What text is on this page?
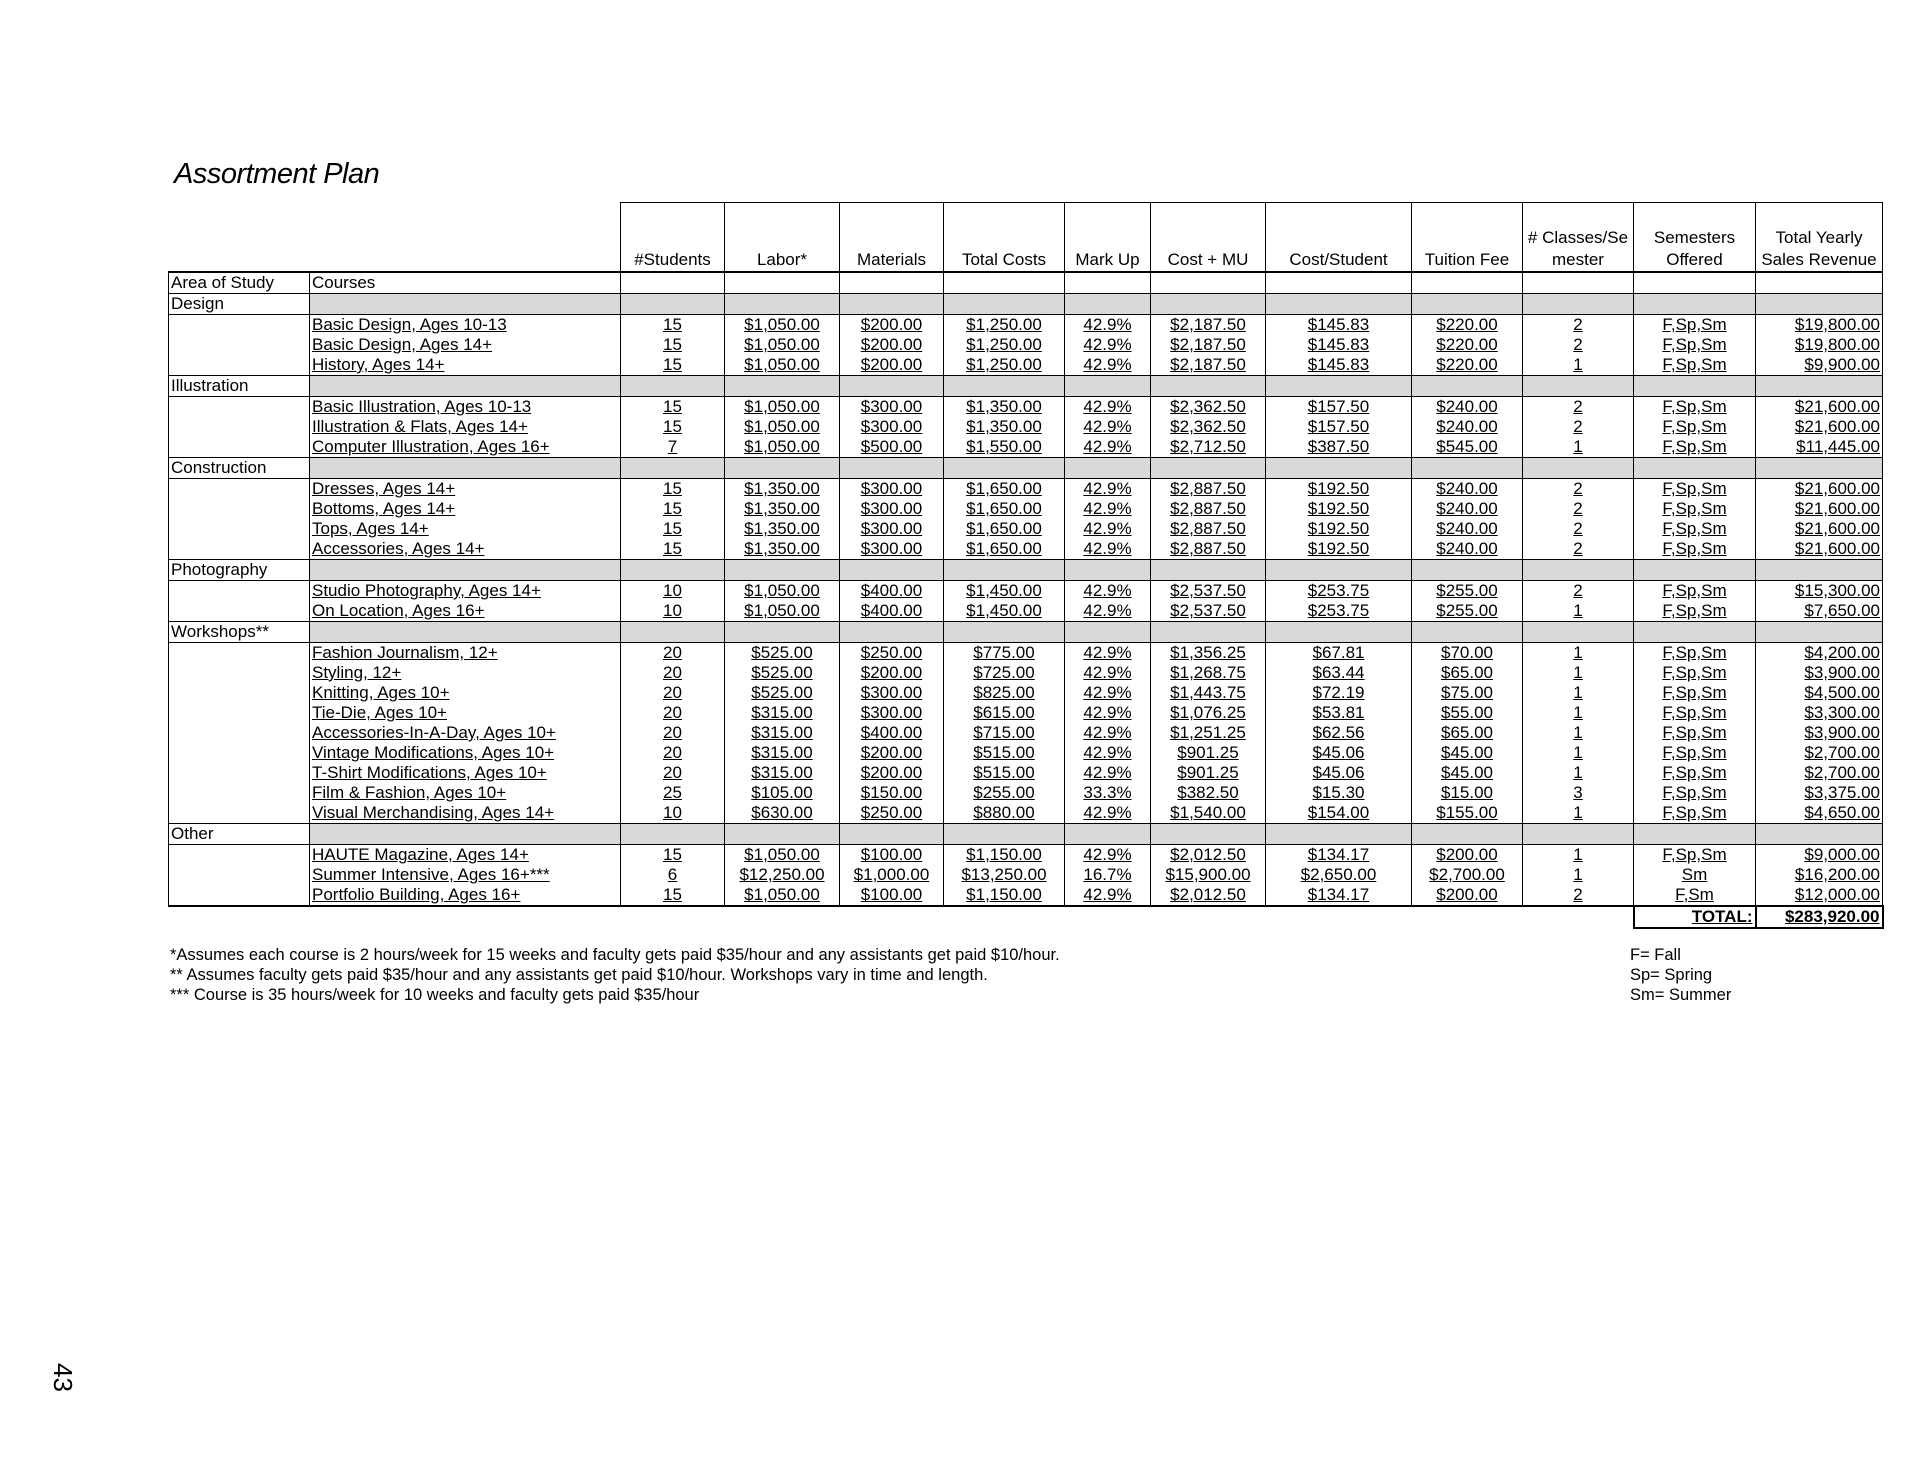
Assortment Plan
		#Students	Labor*	Materials	Total Costs	Mark Up	Cost + MU	Cost/Student	Tuition Fee	# Classes/Se mester	Semesters Offered	Total Yearly Sales Revenue
Area of Study	Courses											
Design												
	Basic Design, Ages 10-13	15	$1,050.00	$200.00	$1,250.00	42.9%	$2,187.50	$145.83	$220.00	2	F,Sp,Sm	$19,800.00
	Basic Design, Ages 14+	15	$1,050.00	$200.00	$1,250.00	42.9%	$2,187.50	$145.83	$220.00	2	F,Sp,Sm	$19,800.00
	History, Ages 14+	15	$1,050.00	$200.00	$1,250.00	42.9%	$2,187.50	$145.83	$220.00	1	F,Sp,Sm	$9,900.00
Illustration												
	Basic Illustration, Ages 10-13	15	$1,050.00	$300.00	$1,350.00	42.9%	$2,362.50	$157.50	$240.00	2	F,Sp,Sm	$21,600.00
	Illustration & Flats, Ages 14+	15	$1,050.00	$300.00	$1,350.00	42.9%	$2,362.50	$157.50	$240.00	2	F,Sp,Sm	$21,600.00
	Computer Illustration, Ages 16+	7	$1,050.00	$500.00	$1,550.00	42.9%	$2,712.50	$387.50	$545.00	1	F,Sp,Sm	$11,445.00
Construction												
	Dresses, Ages 14+	15	$1,350.00	$300.00	$1,650.00	42.9%	$2,887.50	$192.50	$240.00	2	F,Sp,Sm	$21,600.00
	Bottoms, Ages 14+	15	$1,350.00	$300.00	$1,650.00	42.9%	$2,887.50	$192.50	$240.00	2	F,Sp,Sm	$21,600.00
	Tops, Ages 14+	15	$1,350.00	$300.00	$1,650.00	42.9%	$2,887.50	$192.50	$240.00	2	F,Sp,Sm	$21,600.00
	Accessories, Ages 14+	15	$1,350.00	$300.00	$1,650.00	42.9%	$2,887.50	$192.50	$240.00	2	F,Sp,Sm	$21,600.00
Photography												
	Studio Photography, Ages 14+	10	$1,050.00	$400.00	$1,450.00	42.9%	$2,537.50	$253.75	$255.00	2	F,Sp,Sm	$15,300.00
	On Location, Ages 16+	10	$1,050.00	$400.00	$1,450.00	42.9%	$2,537.50	$253.75	$255.00	1	F,Sp,Sm	$7,650.00
Workshops**												
	Fashion Journalism, 12+	20	$525.00	$250.00	$775.00	42.9%	$1,356.25	$67.81	$70.00	1	F,Sp,Sm	$4,200.00
	Styling, 12+	20	$525.00	$200.00	$725.00	42.9%	$1,268.75	$63.44	$65.00	1	F,Sp,Sm	$3,900.00
	Knitting, Ages 10+	20	$525.00	$300.00	$825.00	42.9%	$1,443.75	$72.19	$75.00	1	F,Sp,Sm	$4,500.00
	Tie-Die, Ages 10+	20	$315.00	$300.00	$615.00	42.9%	$1,076.25	$53.81	$55.00	1	F,Sp,Sm	$3,300.00
	Accessories-In-A-Day, Ages 10+	20	$315.00	$400.00	$715.00	42.9%	$1,251.25	$62.56	$65.00	1	F,Sp,Sm	$3,900.00
	Vintage Modifications, Ages 10+	20	$315.00	$200.00	$515.00	42.9%	$901.25	$45.06	$45.00	1	F,Sp,Sm	$2,700.00
	T-Shirt Modifications, Ages 10+	20	$315.00	$200.00	$515.00	42.9%	$901.25	$45.06	$45.00	1	F,Sp,Sm	$2,700.00
	Film & Fashion, Ages 10+	25	$105.00	$150.00	$255.00	33.3%	$382.50	$15.30	$15.00	3	F,Sp,Sm	$3,375.00
	Visual Merchandising, Ages 14+	10	$630.00	$250.00	$880.00	42.9%	$1,540.00	$154.00	$155.00	1	F,Sp,Sm	$4,650.00
Other												
	HAUTE Magazine, Ages 14+	15	$1,050.00	$100.00	$1,150.00	42.9%	$2,012.50	$134.17	$200.00	1	F,Sp,Sm	$9,000.00
	Summer Intensive, Ages 16+***	6	$12,250.00	$1,000.00	$13,250.00	16.7%	$15,900.00	$2,650.00	$2,700.00	1	Sm	$16,200.00
	Portfolio Building, Ages 16+	15	$1,050.00	$100.00	$1,150.00	42.9%	$2,012.50	$134.17	$200.00	2	F,Sm	$12,000.00
											TOTAL:	$283,920.00
*Assumes each course is 2 hours/week for 15 weeks and faculty gets paid $35/hour and any assistants get paid $10/hour.
** Assumes faculty gets paid $35/hour and any assistants get paid $10/hour. Workshops vary in time and length.
*** Course is 35 hours/week for 10 weeks and faculty gets paid $35/hour
F= Fall
Sp= Spring
Sm= Summer
43
